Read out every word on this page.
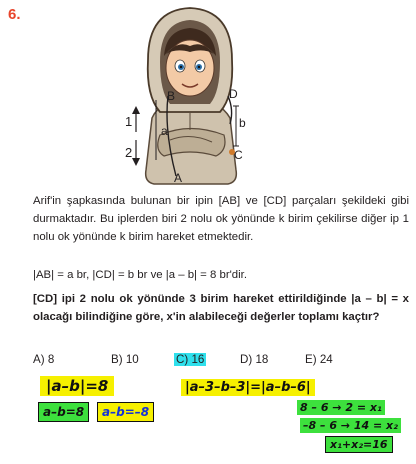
6.
B	D
a
b
A
C
1
2

Arif'in şapkasında bulunan bir ipin [AB] ve [CD] parçaları şekildeki gibi durmaktadır. Bu iplerden biri 2 nolu ok yönünde k birim çekilirse diğer ip 1 nolu ok yönünde k birim hareket etmektedir.

|AB| = a br, |CD| = b br ve |a – b| = 8 br'dir.

[CD] ipi 2 nolu ok yönünde 3 birim hareket ettirildiğinde |a – b| = x olacağı bilindiğine göre, x'in alabileceği değerler toplamı kaçtır?

A) 8	B) 10	C) 16	D) 18	E) 24
|a–b|=8
a–b=8	a–b=–8
|a–3–b–3|=|a–b–6|
8 – 6 → 2 = x₁
–8 – 6 → 14 = x₂
x₁+x₂=16
